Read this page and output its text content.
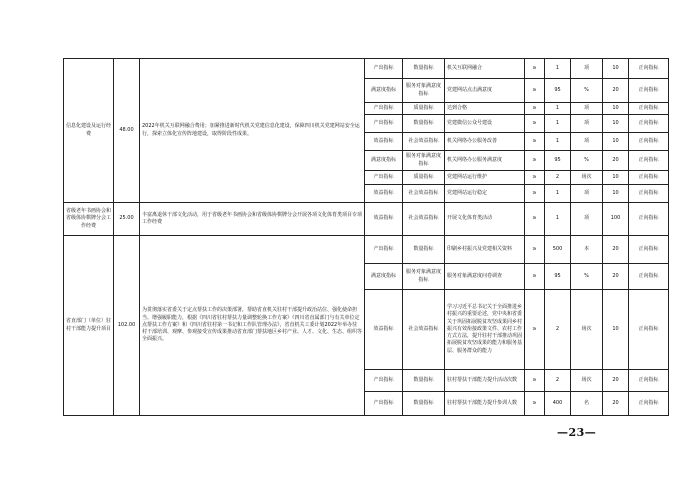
信息化建设及运行经费	48.00	2022年机关互联网融合费用；加紧推进新时代机关党建信息化建设，保障四川机关党建网站安全运行，探索立体化宣传阵地建设，取得阶段性成果。	产出指标	数量指标	机关互联网融合	≥	1	项	10	正向指标
			满意度指标	服务对象满意度指标	党建网站点击满意度	≥	95	%	20	正向指标
			产出指标	质量指标	达到合格	≥	1	项	10	正向指标
			产出指标	数量指标	党建微信公众号建设	≥	1	项	10	正向指标
			效益指标	社会效益指标	机关网络办公服务改善	≥	1	项	10	正向指标
			满意度指标	服务对象满意度指标	机关网络办公服务满意度	≥	95	%	20	正向指标
			产出指标	质量指标	党建网站运行维护	≥	2	场次	10	正向指标
			效益指标	社会效益指标	党建网站运行稳定	≥	1	项	10	正向指标
省级老年书画协会和省级体协棋牌分会工作经费	25.00	丰富离退休干部文化活动，用于省级老年书画协会和省级体协棋牌分会开展各项文化体育类项目专项工作经费	效益指标	社会效益指标	开展文化体育类活动	≥	1	项	100	正向指标
省直部门（单位）驻村干部能力提升项目	102.00	为贯彻落实省委关于定点帮扶工作的决策部署，帮助省直机关驻村干部提升政治站位、强化使命担当、增强履职能力，根据《四川省驻村帮扶力量调整轮换工作方案》《四川省直属部门与有关单位定点帮扶工作方案》和《四川省驻村第一书记和工作队管理办法》，省直机关工委计划2022年举办驻村干部培训、观摩、参观接受宣传成果推动省直部门帮扶地区乡村产业、人才、文化、生态、组织等全面振兴。	产出指标	数量指标	印刷乡村振兴及党建相关资料	≥	500	本	20	正向指标
			满意度指标	服务对象满意度指标	服务对象满意度问卷调查	≥	95	%	20	正向指标
			效益指标	社会效益指标	学习习近平总书记关于全面推进乡村振兴的重要论述，党中央和省委关于巩固拓展脱贫攻坚成果同乡村振兴有效衔接政策文件、农村工作方式方法，提升驻村干部推动巩固拓展脱贫攻坚成果的能力和服务基层、服务群众的能力	≥	2	场次	10	正向指标
			产出指标	数量指标	驻村帮扶干部能力提升活动次数	≥	2	场次	20	正向指标
			产出指标	数量指标	驻村帮扶干部能力提升参训人数	≥	400	名	20	正向指标
—23—
